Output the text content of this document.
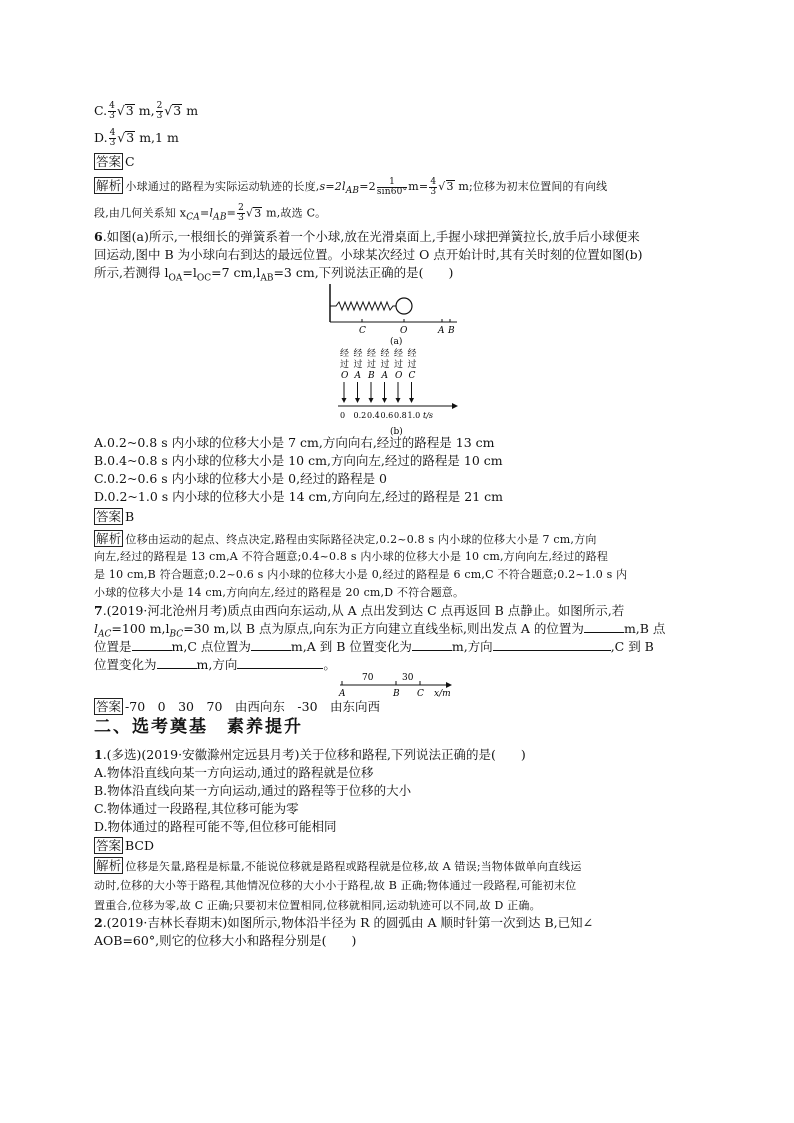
C. $\frac{4}{3} √3$ m, $\frac{2}{3} √3$ m
D. $\frac{4}{3} √3$ m,1 m
答案 C
解析 小球通过的路程为实际运动轨迹的长度$,s=2l_{AB}=2 \frac{1}{\sin 60^\circ} m= \frac{4}{3} √3$ m;位移为初末位置间的有向线
段,由几何关系知 $x_{CA}=l_{AB}= \frac{2}{3} √3$ m,故选 C。
6.如图(a)所示,一根细长的弹簧系着一个小球,放在光滑桌面上,手握小球把弹簧拉长,放手后小球便来
回运动,图中 B 为小球向右到达的最远位置。小球某次经过 O 点开始计时,其有关时刻的位置如图(b)
所示,若测得 $l_{OA}=l_{OC}=7$ $cm,l_{AB}=3$ cm,下列说法正确的是(　　)
C	O	A B
(a)
(b)
经
过
O
0
经
过
A
0.2
经
过
B
0.4
经
过
A
0.6
经
过
O
0.8
经
过
C
1.0 t/s
A.0.2~0.8 s 内小球的位移大小是 7 cm,方向向右,经过的路程是 13 cm
B.0.4~0.8 s 内小球的位移大小是 10 cm,方向向左,经过的路程是 10 cm
C.0.2~0.6 s 内小球的位移大小是 0,经过的路程是 0
D.0.2~1.0 s 内小球的位移大小是 14 cm,方向向左,经过的路程是 21 cm
答案 B
解析 位移由运动的起点、终点决定,路程由实际路径决定,0.2~0.8 s 内小球的位移大小是 7 cm,方向
向左,经过的路程是 13 cm,A 不符合题意;0.4~0.8 s 内小球的位移大小是 10 cm,方向向左,经过的路程
是 10 cm,B 符合题意;0.2~0.6 s 内小球的位移大小是 0,经过的路程是 6 cm,C 不符合题意;0.2~1.0 s 内
小球的位移大小是 14 cm,方向向左,经过的路程是 20 cm,D 不符合题意。
7.(2019·河北沧州月考)质点由西向东运动,从 A 点出发到达 C 点再返回 B 点静止。如图所示,若
$l_{AC}=100$ $m,l_{BC}=30$ m,以 B 点为原点,向东为正方向建立直线坐标,则出发点 A 的位置为	m,B 点
位置是	m,C 点位置为	m,A 到 B 位置变化为	m,方向	,C 到 B
位置变化为	m,方向	。
70	30
A	B C x/m
答案 -70　0　30　70　由西向东　-30　由东向西
二、选考奠基　素养提升
1.(多选)(2019·安徽滁州定远县月考)关于位移和路程,下列说法正确的是(　　)
A.物体沿直线向某一方向运动,通过的路程就是位移
B.物体沿直线向某一方向运动,通过的路程等于位移的大小
C.物体通过一段路程,其位移可能为零
D.物体通过的路程可能不等,但位移可能相同
答案 BCD
解析 位移是矢量,路程是标量,不能说位移就是路程或路程就是位移,故 A 错误;当物体做单向直线运
动时,位移的大小等于路程,其他情况位移的大小小于路程,故 B 正确;物体通过一段路程,可能初末位
置重合,位移为零,故 C 正确;只要初末位置相同,位移就相同,运动轨迹可以不同,故 D 正确。
2.(2019·吉林长春期末)如图所示,物体沿半径为 R 的圆弧由 A 顺时针第一次到达 B,已知∠
AOB=60°,则它的位移大小和路程分别是(　　)
